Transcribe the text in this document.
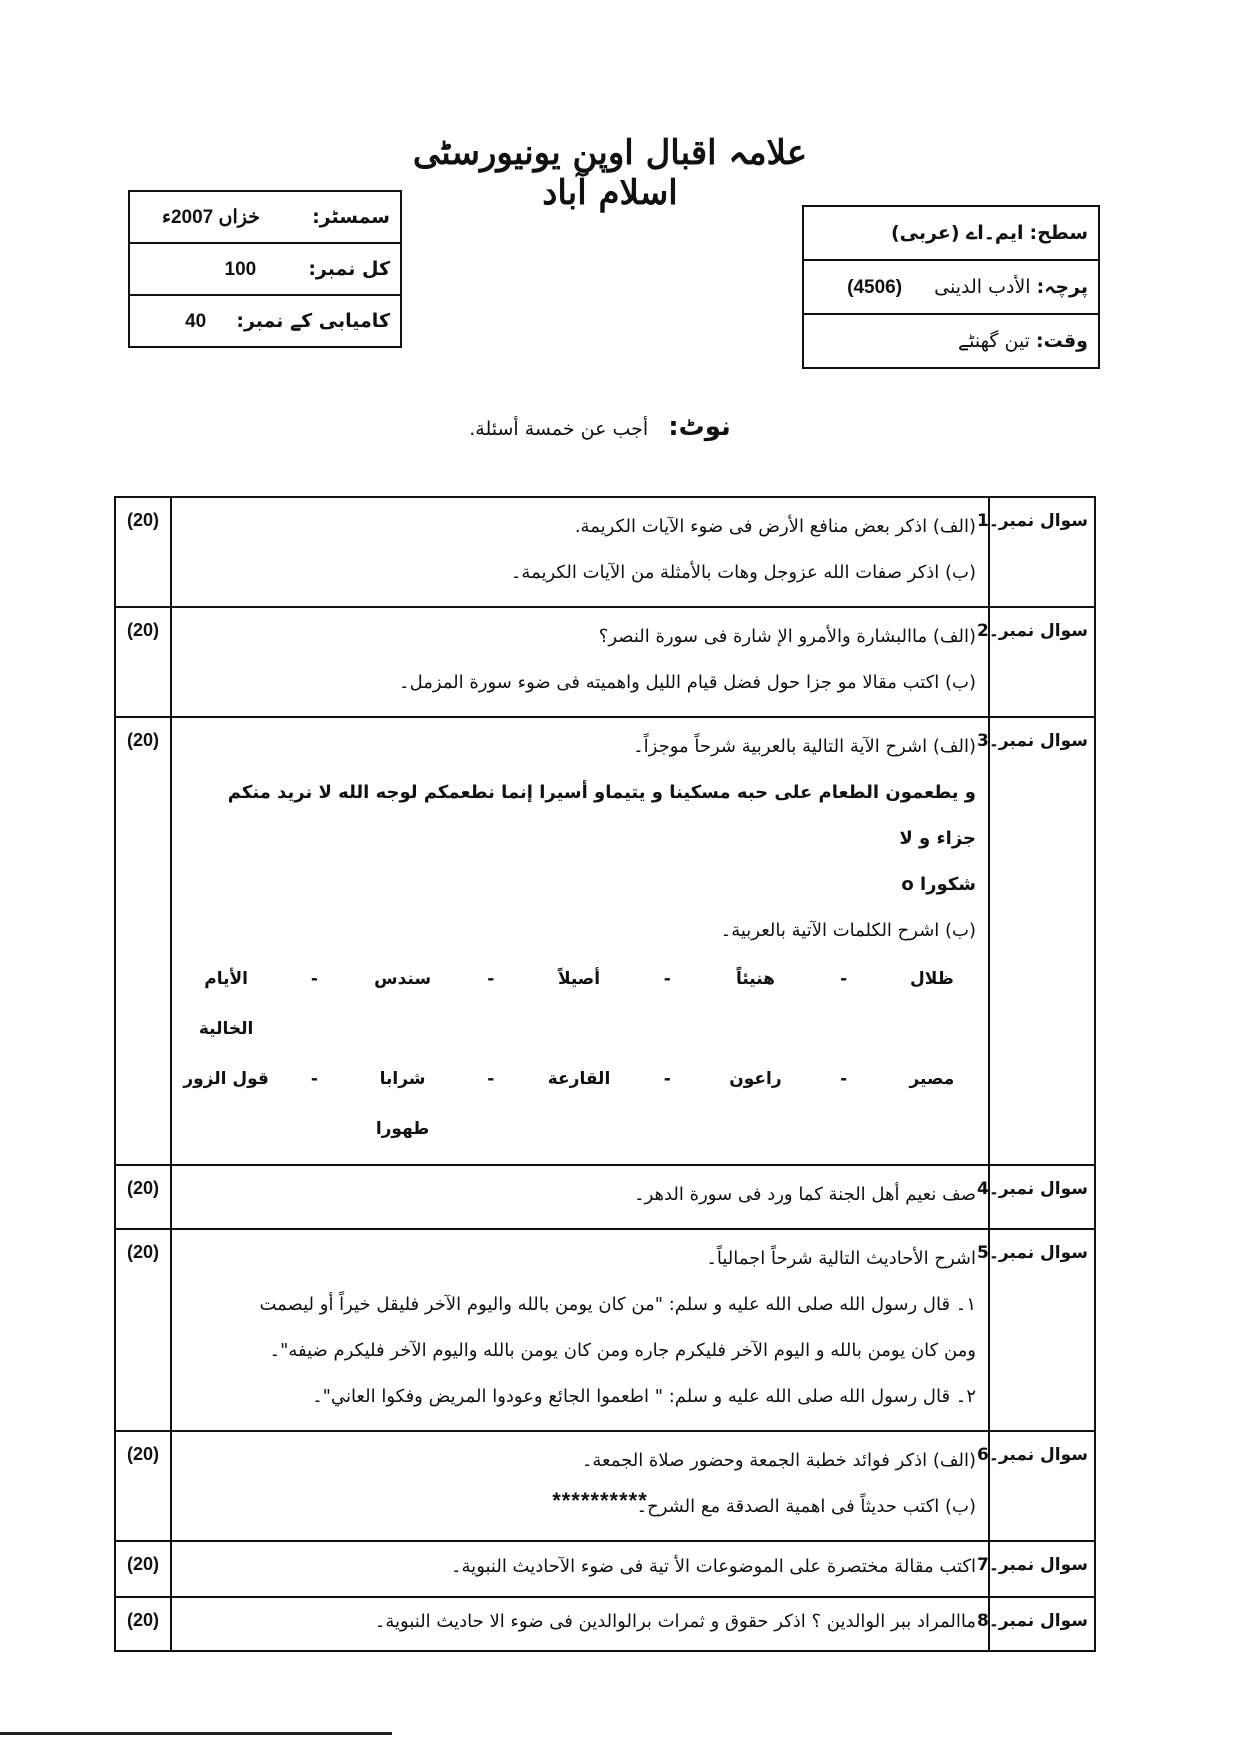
علامہ اقبال اوپن یونیورسٹی اسلام آباد
سمسٹر:  خزاں 2007ء
کل نمبر:  100
کامیابی کے نمبر:  40
سطح: ایم۔اے (عربی)
پرچہ: الأدب الدینی  (4506)
وقت: تین گھنٹے
نوٹ: أجب عن خمسة أسئلة.
سوال نمبر۔1	
(الف) اذکر بعض منافع الأرض فی ضوء الآیات الکریمة.
(ب) اذکر صفات الله عزوجل وهات بالأمثلة من الآیات الکریمة۔
	(20)
سوال نمبر۔2	
(الف) ماالبشارة والأمرو الإ شارة فی سورة النصر؟
(ب) اکتب مقالا مو جزا حول فضل قیام اللیل واهمیته فی ضوء سورة المزمل۔
	(20)
سوال نمبر۔3	
(الف) اشرح الآیة التالیة بالعربیة شرحاً موجزاً۔
و یطعمون الطعام علی حبه مسکینا و یتیماو أسیرا إنما نطعمکم لوجه الله لا نرید منکم جزاء و لا
شکورا o
(ب) اشرح الکلمات الآتیة بالعربیة۔
ظلال	-	هنیئاً	-	أصیلاً	-	سندس	-	الأیام الخالیة
مصیر	-	راعون	-	القارعة	-	شرابا طهورا	-	قول الزور
	(20)
سوال نمبر۔4	
صف نعیم أهل الجنة کما ورد فی سورة الدهر۔
	(20)
سوال نمبر۔5	
اشرح الأحادیث التالیة شرحاً اجمالیاً۔
۱۔ قال رسول الله صلی الله علیه و سلم: "من کان یومن بالله والیوم الآخر فلیقل خیراً أو لیصمت
ومن کان یومن بالله و الیوم الآخر فلیکرم جاره ومن کان یومن بالله والیوم الآخر فلیکرم ضیفه"۔
۲۔ قال رسول الله صلی الله علیه و سلم: " اطعموا الجائع وعودوا المریض وفکوا العاني"۔
	(20)
سوال نمبر۔6	
(الف) اذکر فوائد خطبة الجمعة وحضور صلاة الجمعة۔
(ب) اکتب حدیثاً فی اهمیة الصدقة مع الشرح۔
	(20)
سوال نمبر۔7	
اکتب مقالة مختصرة علی الموضوعات الأ تیة فی ضوء الآحادیث النبویة۔
	(20)
سوال نمبر۔8	
ماالمراد ببر الوالدین ؟ اذکر حقوق و ثمرات برالوالدین فی ضوء الا حادیث النبویة۔
	(20)
**********
